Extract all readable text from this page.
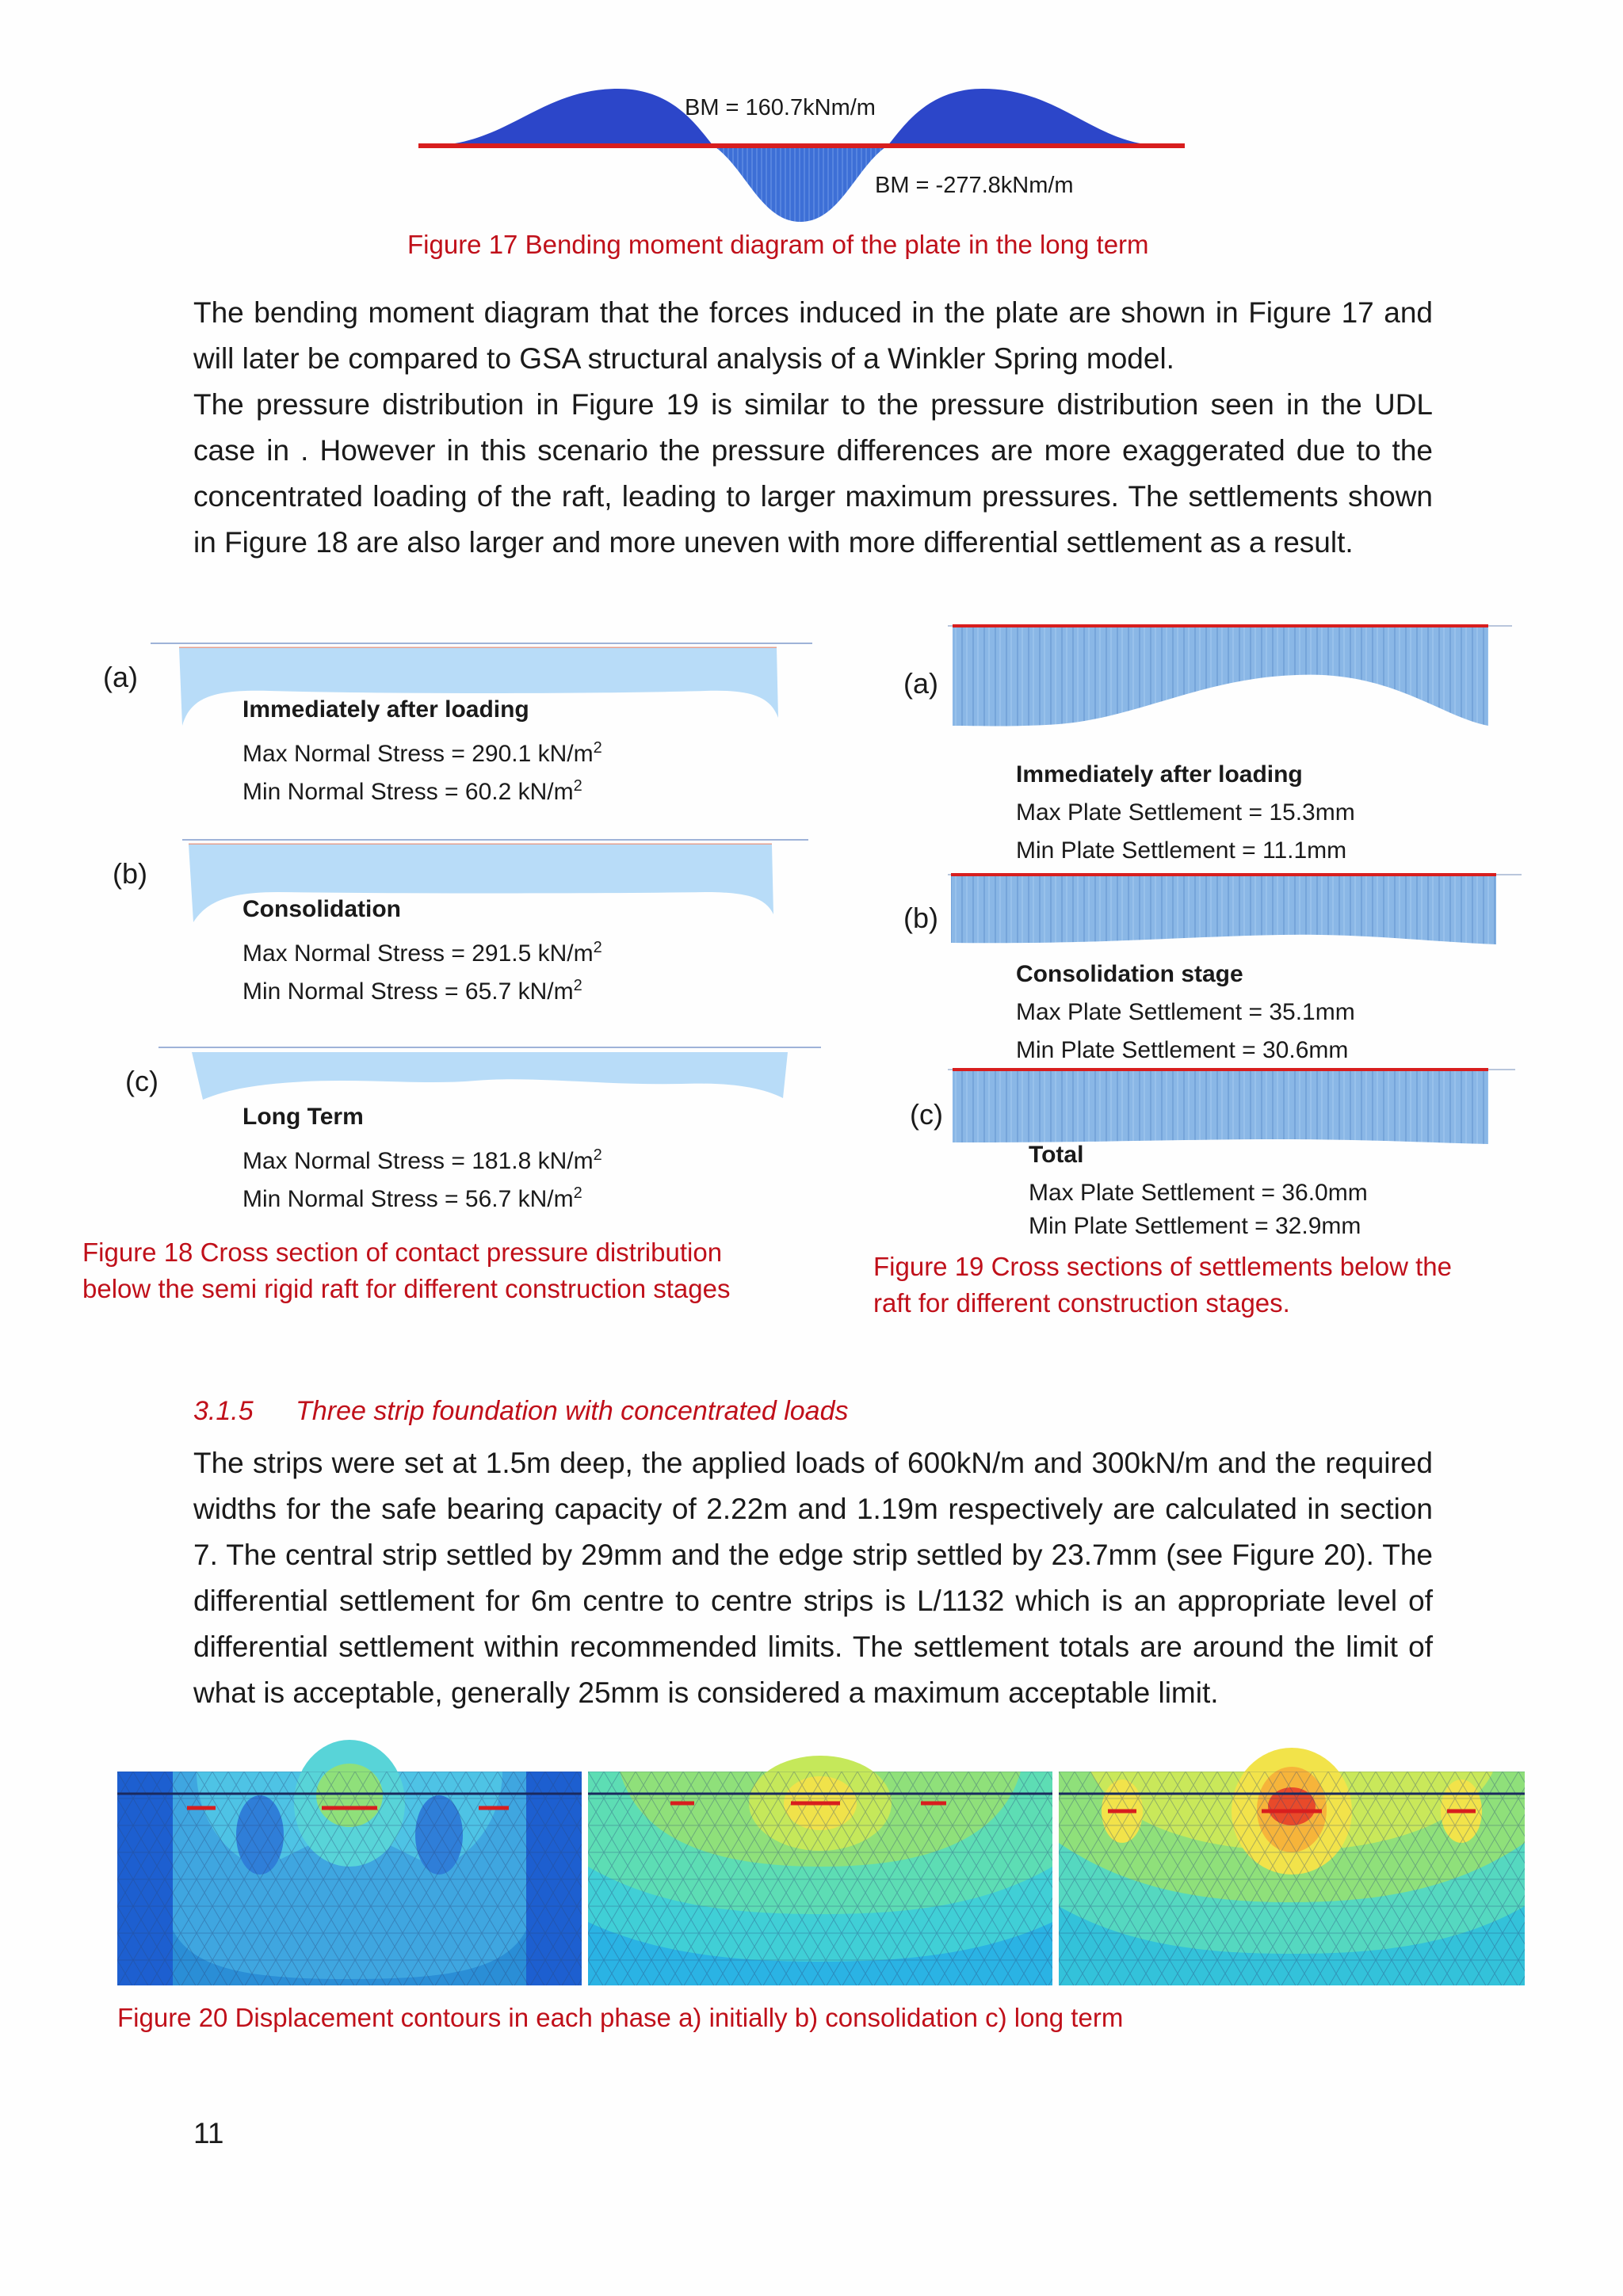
BM = 160.7kNm/m
BM = -277.8kNm/m
Figure 17 Bending moment diagram of the plate in the long term
The bending moment diagram that the forces induced in the plate are shown in Figure 17 and will later be compared to GSA structural analysis of a Winkler Spring model.
The pressure distribution in Figure 19 is similar to the pressure distribution seen in the UDL case in . However in this scenario the pressure differences are more exaggerated due to the concentrated loading of the raft, leading to larger maximum pressures. The settlements shown in Figure 18 are also larger and more uneven with more differential settlement as a result.
(a)
Immediately after loading
Max Normal Stress = 290.1 $kN/m^2$
Min Normal Stress = 60.2 $kN/m^2$
(b)
Consolidation
Max Normal Stress = 291.5 $kN/m^2$
Min Normal Stress = 65.7 $kN/m^2$
(c)
Long Term
Max Normal Stress = 181.8 $kN/m^2$
Min Normal Stress = 56.7 $kN/m^2$
Figure 18 Cross section of contact pressure distribution
below the semi rigid raft for different construction stages
(a)
Immediately after loading
Max Plate Settlement = 15.3mm
Min Plate Settlement = 11.1mm
(b)
Consolidation stage
Max Plate Settlement = 35.1mm
Min Plate Settlement = 30.6mm
(c)
Total
Max Plate Settlement = 36.0mm
Min Plate Settlement = 32.9mm
Figure 19 Cross sections of settlements below the
raft for different construction stages.
3.1.5 Three strip foundation with concentrated loads
The strips were set at 1.5m deep, the applied loads of 600kN/m and 300kN/m and the required widths for the safe bearing capacity of 2.22m and 1.19m respectively are calculated in section 7. The central strip settled by 29mm and the edge strip settled by 23.7mm (see Figure 20). The differential settlement for 6m centre to centre strips is L/1132 which is an appropriate level of differential settlement within recommended limits. The settlement totals are around the limit of what is acceptable, generally 25mm is considered a maximum acceptable limit.
Figure 20 Displacement contours in each phase a) initially b) consolidation c) long term
11
